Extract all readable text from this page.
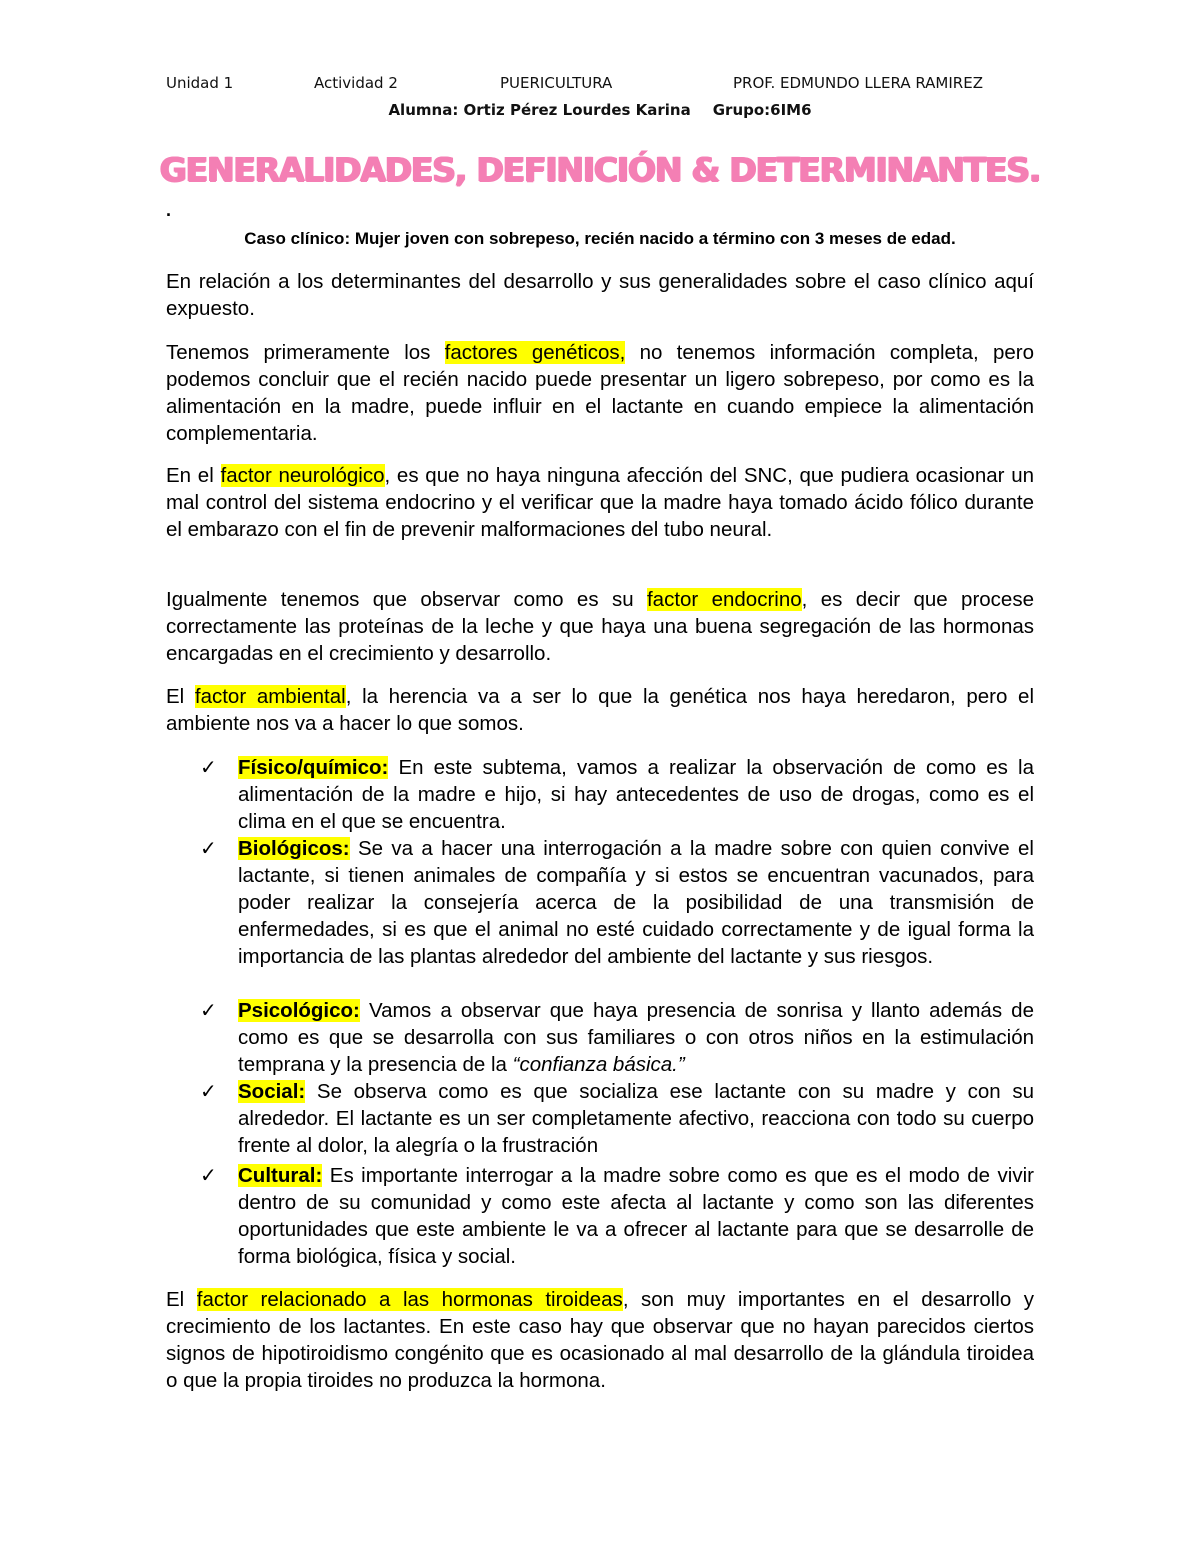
Unidad 1	Actividad 2	PUERICULTURA	PROF. EDMUNDO LLERA RAMIREZ
Alumna: Ortiz Pérez Lourdes Karina Grupo:6IM6
GENERALIDADES, DEFINICIÓN & DETERMINANTES.
.
Caso clínico: Mujer joven con sobrepeso, recién nacido a término con 3 meses de edad.

En relación a los determinantes del desarrollo y sus generalidades sobre el caso clínico aquí expuesto.

Tenemos primeramente los factores genéticos, no tenemos información completa, pero podemos concluir que el recién nacido puede presentar un ligero sobrepeso, por como es la alimentación en la madre, puede influir en el lactante en cuando empiece la alimentación complementaria.

En el factor neurológico, es que no haya ninguna afección del SNC, que pudiera ocasionar un mal control del sistema endocrino y el verificar que la madre haya tomado ácido fólico durante el embarazo con el fin de prevenir malformaciones del tubo neural.

Igualmente tenemos que observar como es su factor endocrino, es decir que procese correctamente las proteínas de la leche y que haya una buena segregación de las hormonas encargadas en el crecimiento y desarrollo.

El factor ambiental, la herencia va a ser lo que la genética nos haya heredaron, pero el ambiente nos va a hacer lo que somos.

✓ Físico/químico: En este subtema, vamos a realizar la observación de como es la alimentación de la madre e hijo, si hay antecedentes de uso de drogas, como es el clima en el que se encuentra.

✓ Biológicos: Se va a hacer una interrogación a la madre sobre con quien convive el lactante, si tienen animales de compañía y si estos se encuentran vacunados, para poder realizar la consejería acerca de la posibilidad de una transmisión de enfermedades, si es que el animal no esté cuidado correctamente y de igual forma la importancia de las plantas alrededor del ambiente del lactante y sus riesgos.

✓ Psicológico: Vamos a observar que haya presencia de sonrisa y llanto además de como es que se desarrolla con sus familiares o con otros niños en la estimulación temprana y la presencia de la “confianza básica.”

✓ Social: Se observa como es que socializa ese lactante con su madre y con su alrededor. El lactante es un ser completamente afectivo, reacciona con todo su cuerpo frente al dolor, la alegría o la frustración

✓ Cultural: Es importante interrogar a la madre sobre como es que es el modo de vivir dentro de su comunidad y como este afecta al lactante y como son las diferentes oportunidades que este ambiente le va a ofrecer al lactante para que se desarrolle de forma biológica, física y social.

El factor relacionado a las hormonas tiroideas, son muy importantes en el desarrollo y crecimiento de los lactantes. En este caso hay que observar que no hayan parecidos ciertos signos de hipotiroidismo congénito que es ocasionado al mal desarrollo de la glándula tiroidea o que la propia tiroides no produzca la hormona.
